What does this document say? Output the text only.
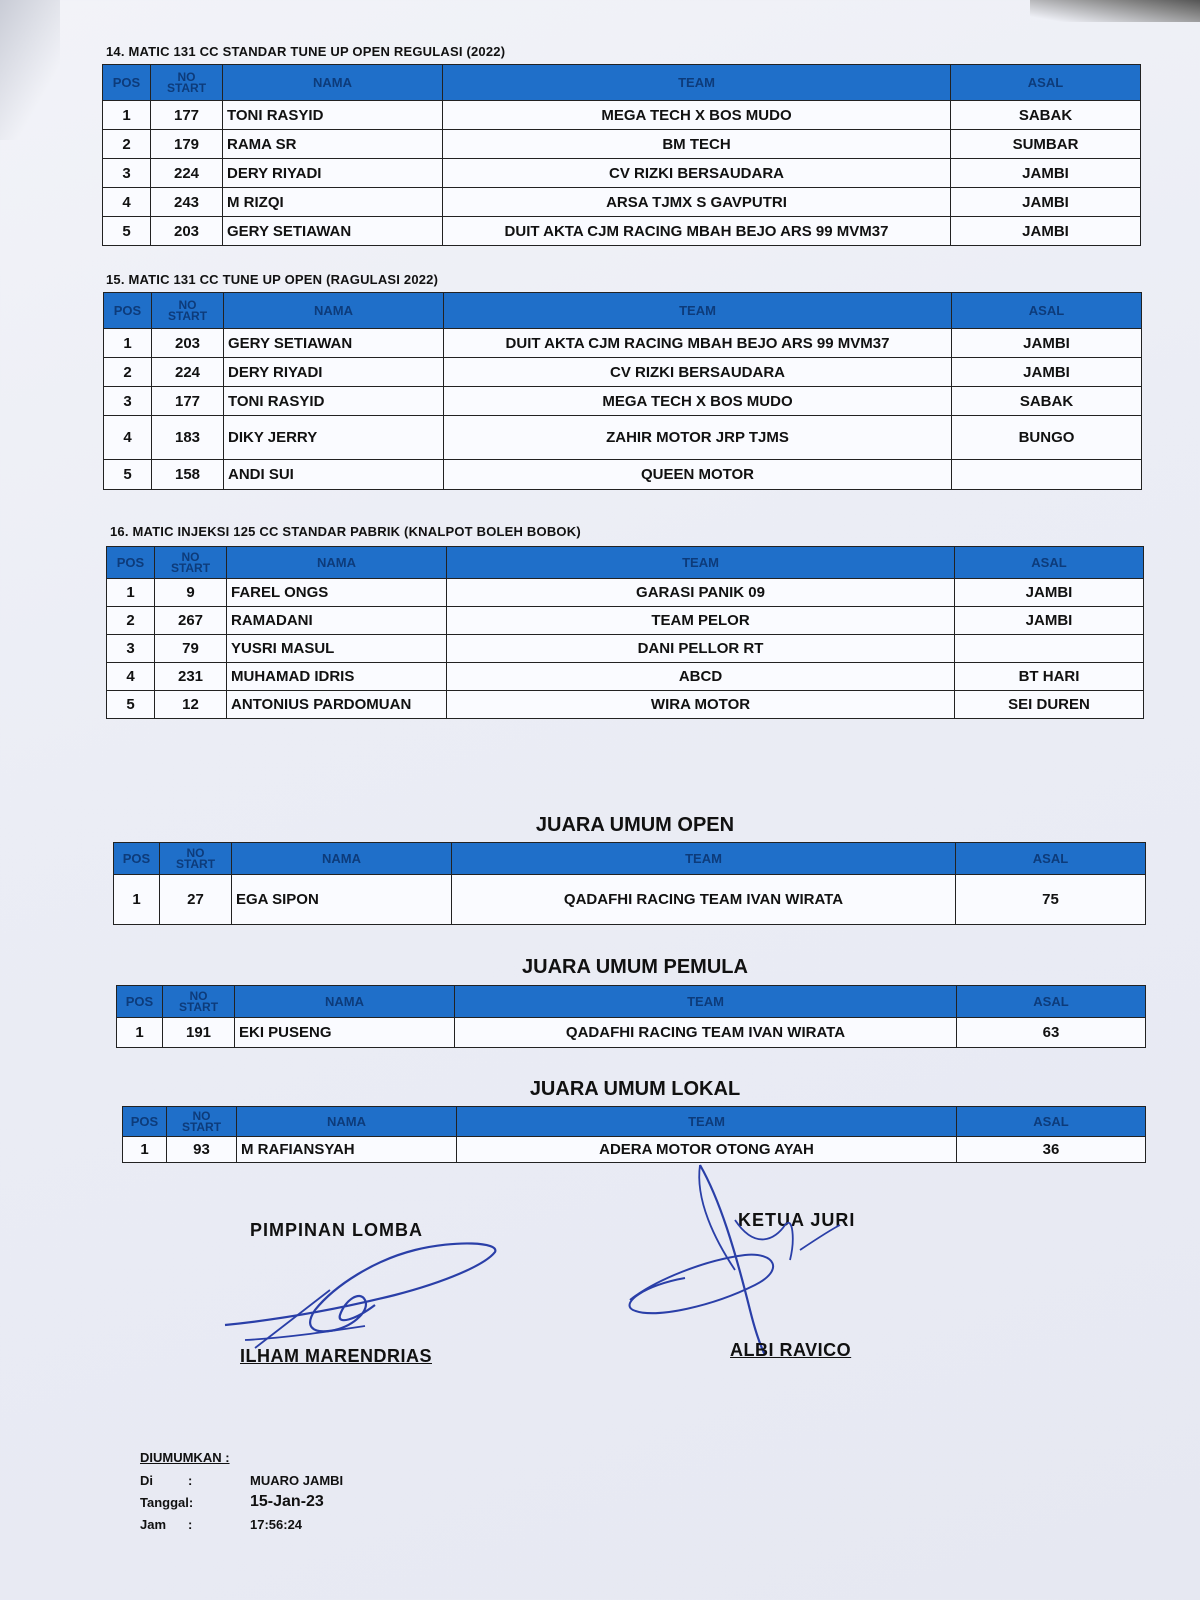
14. MATIC 131 CC STANDAR TUNE UP OPEN REGULASI (2022)
POS	NO
START	NAMA	TEAM	ASAL
1	177	TONI RASYID	MEGA TECH X BOS MUDO	SABAK
2	179	RAMA SR	BM TECH	SUMBAR
3	224	DERY RIYADI	CV RIZKI BERSAUDARA	JAMBI
4	243	M RIZQI	ARSA TJMX S GAVPUTRI	JAMBI
5	203	GERY SETIAWAN	DUIT AKTA CJM RACING MBAH BEJO ARS 99 MVM37	JAMBI
15. MATIC 131 CC TUNE UP OPEN (RAGULASI 2022)
POS	NO
START	NAMA	TEAM	ASAL
1	203	GERY SETIAWAN	DUIT AKTA CJM RACING MBAH BEJO ARS 99 MVM37	JAMBI
2	224	DERY RIYADI	CV RIZKI BERSAUDARA	JAMBI
3	177	TONI RASYID	MEGA TECH X BOS MUDO	SABAK
4	183	DIKY JERRY	ZAHIR MOTOR JRP TJMS	BUNGO
5	158	ANDI SUI	QUEEN MOTOR	
16. MATIC INJEKSI 125 CC STANDAR PABRIK (KNALPOT BOLEH BOBOK)
POS	NO
START	NAMA	TEAM	ASAL
1	9	FAREL ONGS	GARASI PANIK 09	JAMBI
2	267	RAMADANI	TEAM PELOR	JAMBI
3	79	YUSRI MASUL	DANI PELLOR RT	
4	231	MUHAMAD IDRIS	ABCD	BT HARI
5	12	ANTONIUS PARDOMUAN	WIRA MOTOR	SEI DUREN
JUARA UMUM OPEN
POS	NO
START	NAMA	TEAM	ASAL
1	27	EGA SIPON	QADAFHI RACING TEAM IVAN WIRATA	75
JUARA UMUM PEMULA
POS	NO
START	NAMA	TEAM	ASAL
1	191	EKI PUSENG	QADAFHI RACING TEAM IVAN WIRATA	63
JUARA UMUM LOKAL
POS	NO
START	NAMA	TEAM	ASAL
1	93	M RAFIANSYAH	ADERA MOTOR OTONG AYAH	36
PIMPINAN LOMBA	KETUA JURI
ILHAM MARENDRIAS	ALBI RAVICO
DIUMUMKAN :
Di	:	MUARO JAMBI
Tanggal:	15-Jan-23
Jam	:	17:56:24
